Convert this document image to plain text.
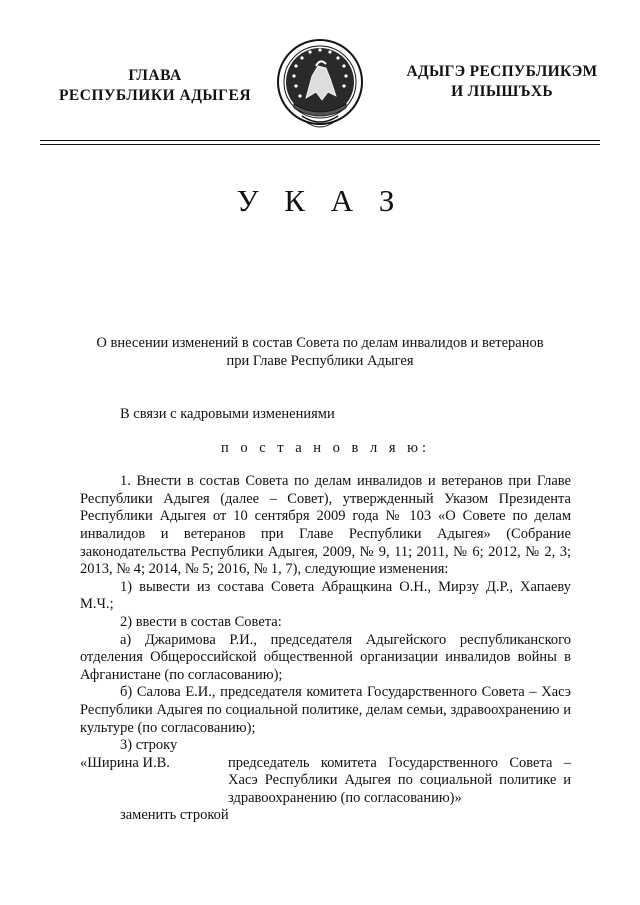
ГЛАВА
РЕСПУБЛИКИ АДЫГЕЯ
АДЫГЭ РЕСПУБЛИКЭМ
И ЛІЫШЪХЬ
У К А З
О внесении изменений в состав Совета по делам инвалидов и ветеранов
при Главе Республики Адыгея

В связи с кадровыми изменениями

п о с т а н о в л я ю:

1. Внести в состав Совета по делам инвалидов и ветеранов при Главе Республики Адыгея (далее – Совет), утвержденный Указом Президента Республики Адыгея от 10 сентября 2009 года № 103 «О Совете по делам инвалидов и ветеранов при Главе Республики Адыгея» (Собрание законодательства Республики Адыгея, 2009, № 9, 11; 2011, № 6; 2012, № 2, 3; 2013, № 4; 2014, № 5; 2016, № 1, 7), следующие изменения:

1) вывести из состава Совета Абращкина О.Н., Мирзу Д.Р., Хапаеву М.Ч.;

2) ввести в состав Совета:

а) Джаримова Р.И., председателя Адыгейского республиканского отделения Общероссийской общественной организации инвалидов войны в Афганистане (по согласованию);

б) Салова Е.И., председателя комитета Государственного Совета – Хасэ Республики Адыгея по социальной политике, делам семьи, здравоохранению и культуре (по согласованию);

3) строку

«Ширина И.В.	председатель комитета Государственного Совета – Хасэ Республики Адыгея по социальной политике и здравоохранению (по согласованию)»

заменить строкой
